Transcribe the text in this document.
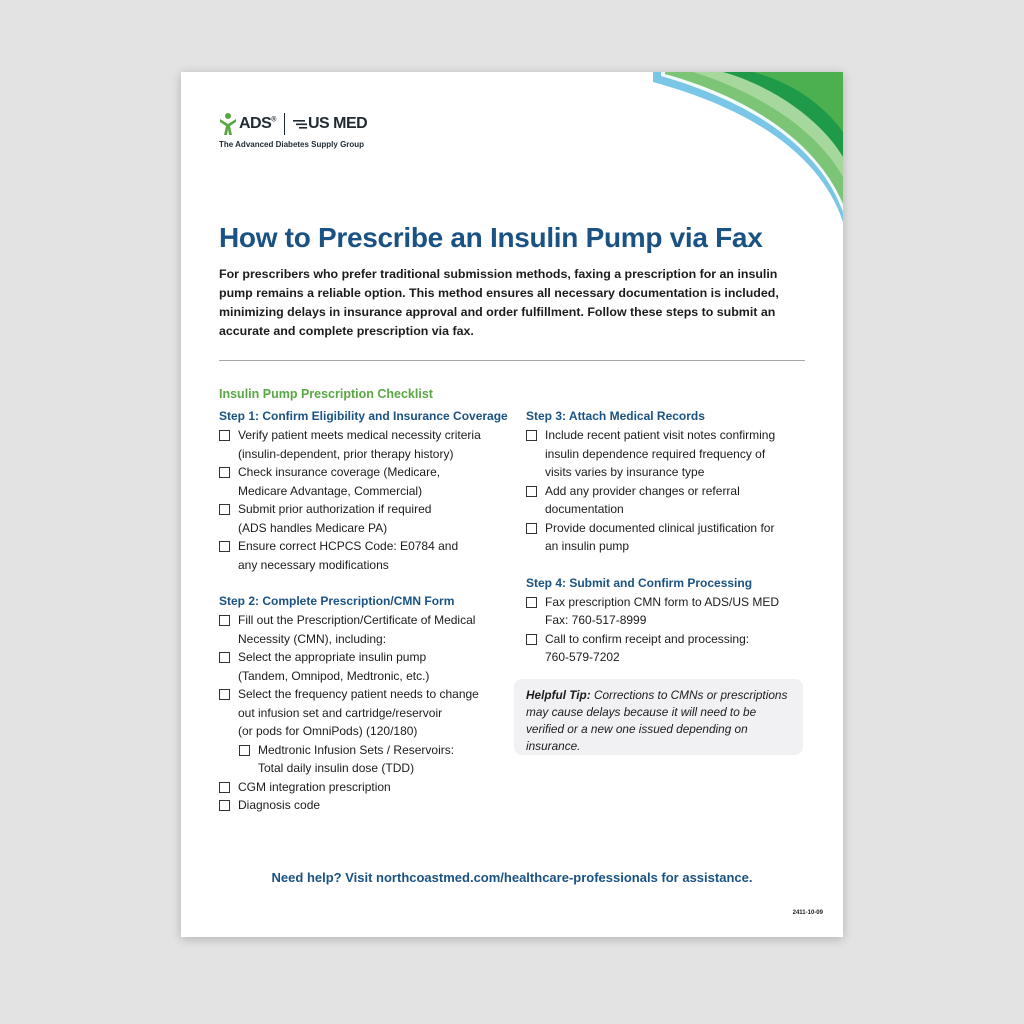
ADS® US MED
The Advanced Diabetes Supply Group
How to Prescribe an Insulin Pump via Fax

For prescribers who prefer traditional submission methods, faxing a prescription for an insulin pump remains a reliable option. This method ensures all necessary documentation is included, minimizing delays in insurance approval and order fulfillment. Follow these steps to submit an accurate and complete prescription via fax.

Insulin Pump Prescription Checklist
Step 1: Confirm Eligibility and Insurance Coverage
Verify patient meets medical necessity criteria
(insulin-dependent, prior therapy history)
Check insurance coverage (Medicare,
Medicare Advantage, Commercial)
Submit prior authorization if required
(ADS handles Medicare PA)
Ensure correct HCPCS Code: E0784 and
any necessary modifications
Step 2: Complete Prescription/CMN Form
Fill out the Prescription/Certificate of Medical
Necessity (CMN), including:
Select the appropriate insulin pump
(Tandem, Omnipod, Medtronic, etc.)
Select the frequency patient needs to change
out infusion set and cartridge/reservoir
(or pods for OmniPods) (120/180)
Medtronic Infusion Sets / Reservoirs:
Total daily insulin dose (TDD)
CGM integration prescription
Diagnosis code
Step 3: Attach Medical Records
Include recent patient visit notes confirming
insulin dependence required frequency of
visits varies by insurance type
Add any provider changes or referral
documentation
Provide documented clinical justification for
an insulin pump
Step 4: Submit and Confirm Processing
Fax prescription CMN form to ADS/US MED
Fax: 760-517-8999
Call to confirm receipt and processing:
760-579-7202

Helpful Tip: Corrections to CMNs or prescriptions may cause delays because it will need to be verified or a new one issued depending on insurance.

Need help? Visit northcoastmed.com/healthcare-professionals for assistance.

2411-10-09
